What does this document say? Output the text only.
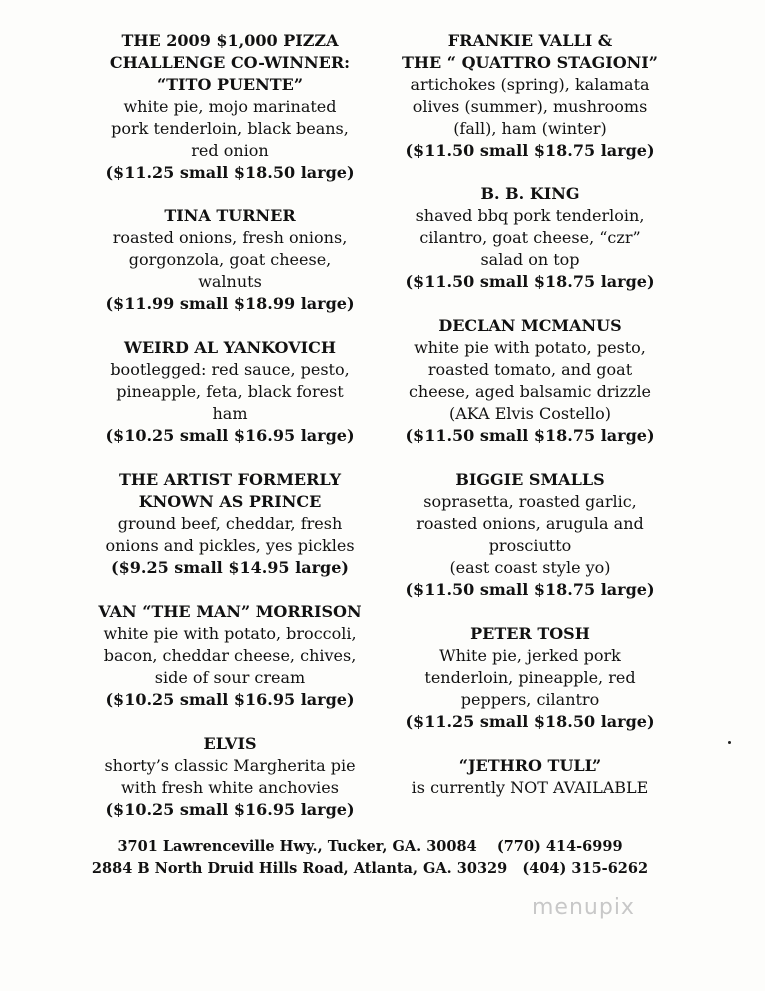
THE 2009 $1,000 PIZZA
CHALLENGE CO-WINNER:
“TITO PUENTE”
white pie, mojo marinated
pork tenderloin, black beans,
red onion
($11.25 small $18.50 large)
TINA TURNER
roasted onions, fresh onions,
gorgonzola, goat cheese,
walnuts
($11.99 small $18.99 large)
WEIRD AL YANKOVICH
bootlegged: red sauce, pesto,
pineapple, feta, black forest
ham
($10.25 small $16.95 large)
THE ARTIST FORMERLY
KNOWN AS PRINCE
ground beef, cheddar, fresh
onions and pickles, yes pickles
($9.25 small $14.95 large)
VAN “THE MAN” MORRISON
white pie with potato, broccoli,
bacon, cheddar cheese, chives,
side of sour cream
($10.25 small $16.95 large)
ELVIS
shorty’s classic Margherita pie
with fresh white anchovies
($10.25 small $16.95 large)
FRANKIE VALLI &
THE “ QUATTRO STAGIONI”
artichokes (spring), kalamata
olives (summer), mushrooms
(fall), ham (winter)
($11.50 small $18.75 large)
B. B. KING
shaved bbq pork tenderloin,
cilantro, goat cheese, “czr”
salad on top
($11.50 small $18.75 large)
DECLAN MCMANUS
white pie with potato, pesto,
roasted tomato, and goat
cheese, aged balsamic drizzle
(AKA Elvis Costello)
($11.50 small $18.75 large)
BIGGIE SMALLS
soprasetta, roasted garlic,
roasted onions, arugula and
prosciutto
(east coast style yo)
($11.50 small $18.75 large)
PETER TOSH
White pie, jerked pork
tenderloin, pineapple, red
peppers, cilantro
($11.25 small $18.50 large)
“JETHRO TULL”
is currently NOT AVAILABLE
3701 Lawrenceville Hwy., Tucker, GA. 30084    (770) 414-6999
2884 B North Druid Hills Road, Atlanta, GA. 30329   (404) 315-6262
menupix
